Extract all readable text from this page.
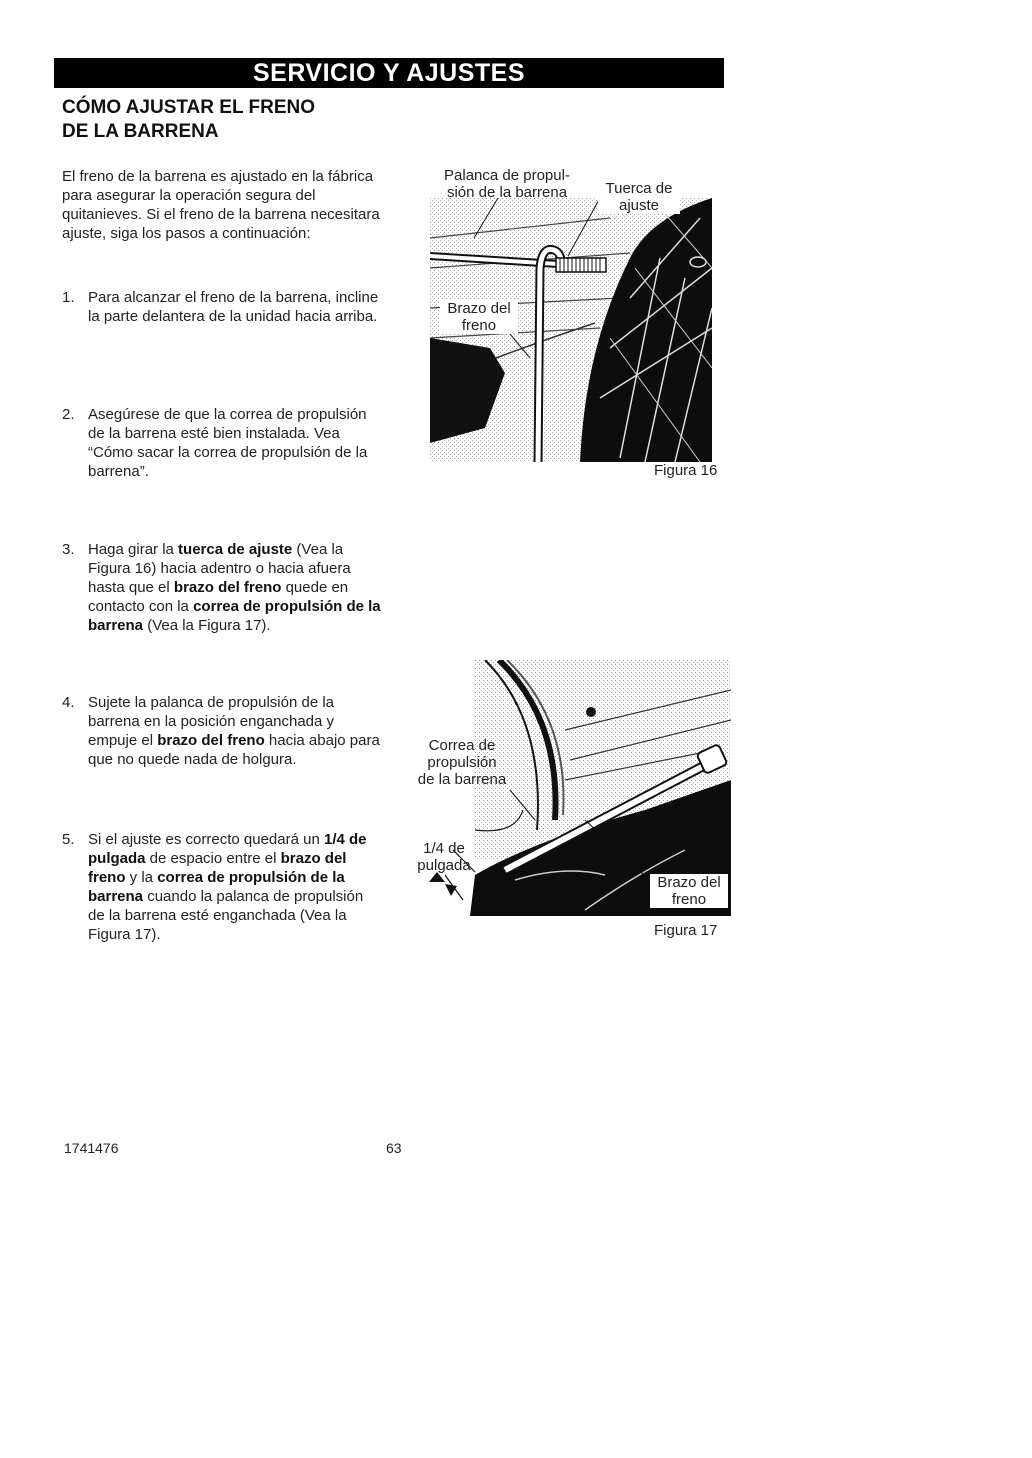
SERVICIO Y AJUSTES
CÓMO AJUSTAR EL FRENO
DE LA BARRENA
El freno de la barrena es ajustado en la fábrica para asegurar la operación segura del quitanieves. Si el freno de la barrena necesitara ajuste, siga los pasos a continuación:
1. Para alcanzar el freno de la barrena, incline la parte delantera de la unidad hacia arriba.
2. Asegúrese de que la correa de propulsión de la barrena esté bien instalada. Vea “Cómo sacar la correa de propulsión de la barrena”.
3. Haga girar la tuerca de ajuste (Vea la Figura 16) hacia adentro o hacia afuera hasta que el brazo del freno quede en contacto con la correa de propulsión de la barrena (Vea la Figura 17).
4. Sujete la palanca de propulsión de la barrena en la posición enganchada y empuje el brazo del freno hacia abajo para que no quede nada de holgura.
5. Si el ajuste es correcto quedará un 1/4 de pulgada de espacio entre el brazo del freno y la correa de propulsión de la barrena cuando la palanca de propulsión de la barrena esté enganchada (Vea la Figura 17).
Palanca de propul-
sión de la barrena	Tuerca de
ajuste
Brazo del
freno
Figura 16
Correa de
propulsión
de la barrena
1/4 de
pulgada
Brazo del
freno
Figura 17
1741476	63
